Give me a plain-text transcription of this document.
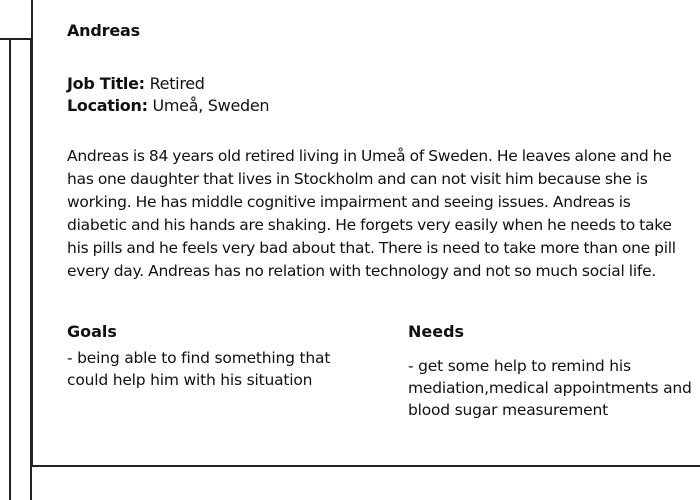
Andreas
Job Title: Retired
Location: Umeå, Sweden
Andreas is 84 years old retired living in Umeå of Sweden. He leaves alone and he has one daughter that lives in Stockholm and can not visit him because she is working. He has middle cognitive impairment and seeing issues. Andreas is diabetic and his hands are shaking. He forgets very easily when he needs to take his pills and he feels very bad about that. There is need to take more than one pill every day. Andreas has no relation with technology and not so much social life.
Goals
- being able to find something that could help him with his situation
Needs
- get some help to remind his mediation,medical appointments and blood sugar measurement
